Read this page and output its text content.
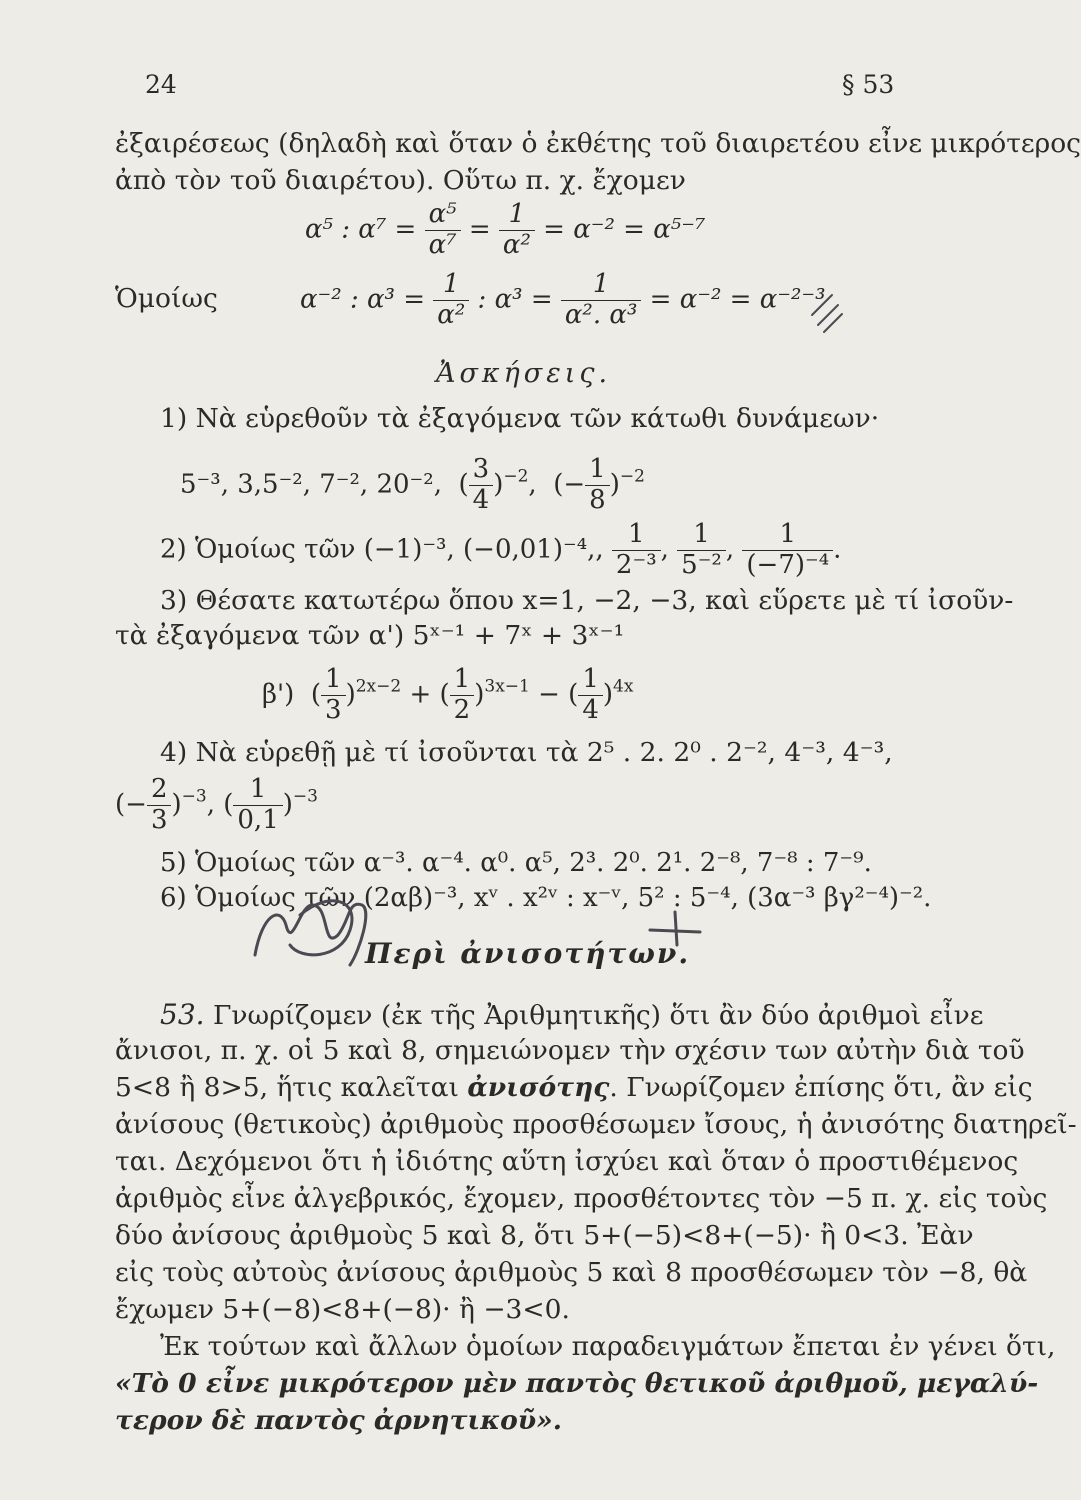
24	§ 53
ἐξαιρέσεως (δηλαδὴ καὶ ὅταν ὁ ἐκθέτης τοῦ διαιρετέου εἶνε μικρότερος
ἀπὸ τὸν τοῦ διαιρέτου). Οὕτω π. χ. ἔχομεν
α⁵ : $\alpha^7 = \frac{\text{α⁵}}{\text{α⁷}} = \frac{1}{\text{α²}} = \alpha^{-2} = \alpha^{5-7}$
Ὁμοίως	α⁻² : $\alpha^3 = \frac{1}{\text{α²}}$ : $\alpha^3 = \frac{1}{\text{α². α³}} = \alpha^{-2} = \alpha^{-2-3}$
Ἀσκήσεις.
1) Νὰ εὑρεθοῦν τὰ ἐξαγόμενα τῶν κάτωθι δυνάμεων·
5⁻³, 3,5⁻², 7⁻², 20⁻²,  ( $\frac{3}{4} )^{-2}$,  (− $\frac{1}{8} )^{-2}$
2) Ὁμοίως τῶν (−1)⁻³, (−0,01)⁻⁴,, $\frac{1}{\text{2⁻³}}$ , $\frac{1}{\text{5⁻²}}$ , $\frac{1}{\text{(−7)⁻⁴}}$ .
3) Θέσατε κατωτέρω ὅπου x=1, −2, −3, καὶ εὕρετε μὲ τί ἰσοῦν-
τὰ ἐξαγόμενα τῶν α') 5ˣ⁻¹ + 7ˣ + 3ˣ⁻¹
β')  ( $\frac{1}{3} )^{2x-2}$ + ( $\frac{1}{2} )^{3x-1}$ − ( $\frac{1}{4} )^{4x}$
4) Νὰ εὑρεθῇ μὲ τί ἰσοῦνται τὰ 2⁵ . 2. 2⁰ . 2⁻², 4⁻³, 4⁻³,
(− $\frac{2}{3} )^{-3}$, ( $\frac{1}{0,1} )^{-3}$
5) Ὁμοίως τῶν α⁻³. α⁻⁴. α⁰. α⁵, 2³. 2⁰. 2¹. 2⁻⁸, 7⁻⁸ : 7⁻⁹.
6) Ὁμοίως τῶν (2αβ)⁻³, xᵛ . x²ᵛ : x⁻ᵛ, 5² : 5⁻⁴, (3α⁻³ βγ²⁻⁴)⁻².
Περὶ ἀνισοτήτων.
53. Γνωρίζομεν (ἐκ τῆς Ἀριθμητικῆς) ὅτι ἂν δύο ἀριθμοὶ εἶνε
ἄνισοι, π. χ. οἱ 5 καὶ 8, σημειώνομεν τὴν σχέσιν των αὐτὴν διὰ τοῦ
5<8 ἢ 8>5, ἥτις καλεῖται ἀνισότης. Γνωρίζομεν ἐπίσης ὅτι, ἂν εἰς
ἀνίσους (θετικοὺς) ἀριθμοὺς προσθέσωμεν ἴσους, ἡ ἀνισότης διατηρεῖ-
ται. Δεχόμενοι ὅτι ἡ ἰδιότης αὕτη ἰσχύει καὶ ὅταν ὁ προστιθέμενος
ἀριθμὸς εἶνε ἀλγεβρικός, ἔχομεν, προσθέτοντες τὸν −5 π. χ. εἰς τοὺς
δύο ἀνίσους ἀριθμοὺς 5 καὶ 8, ὅτι 5+(−5)<8+(−5)· ἢ 0<3. Ἐὰν
εἰς τοὺς αὐτοὺς ἀνίσους ἀριθμοὺς 5 καὶ 8 προσθέσωμεν τὸν −8, θὰ
ἔχωμεν 5+(−8)<8+(−8)· ἢ −3<0.
Ἐκ τούτων καὶ ἄλλων ὁμοίων παραδειγμάτων ἔπεται ἐν γένει ὅτι,
«Τὸ 0 εἶνε μικρότερον μὲν παντὸς θετικοῦ ἀριθμοῦ, μεγαλύ-
τερον δὲ παντὸς ἀρνητικοῦ».
